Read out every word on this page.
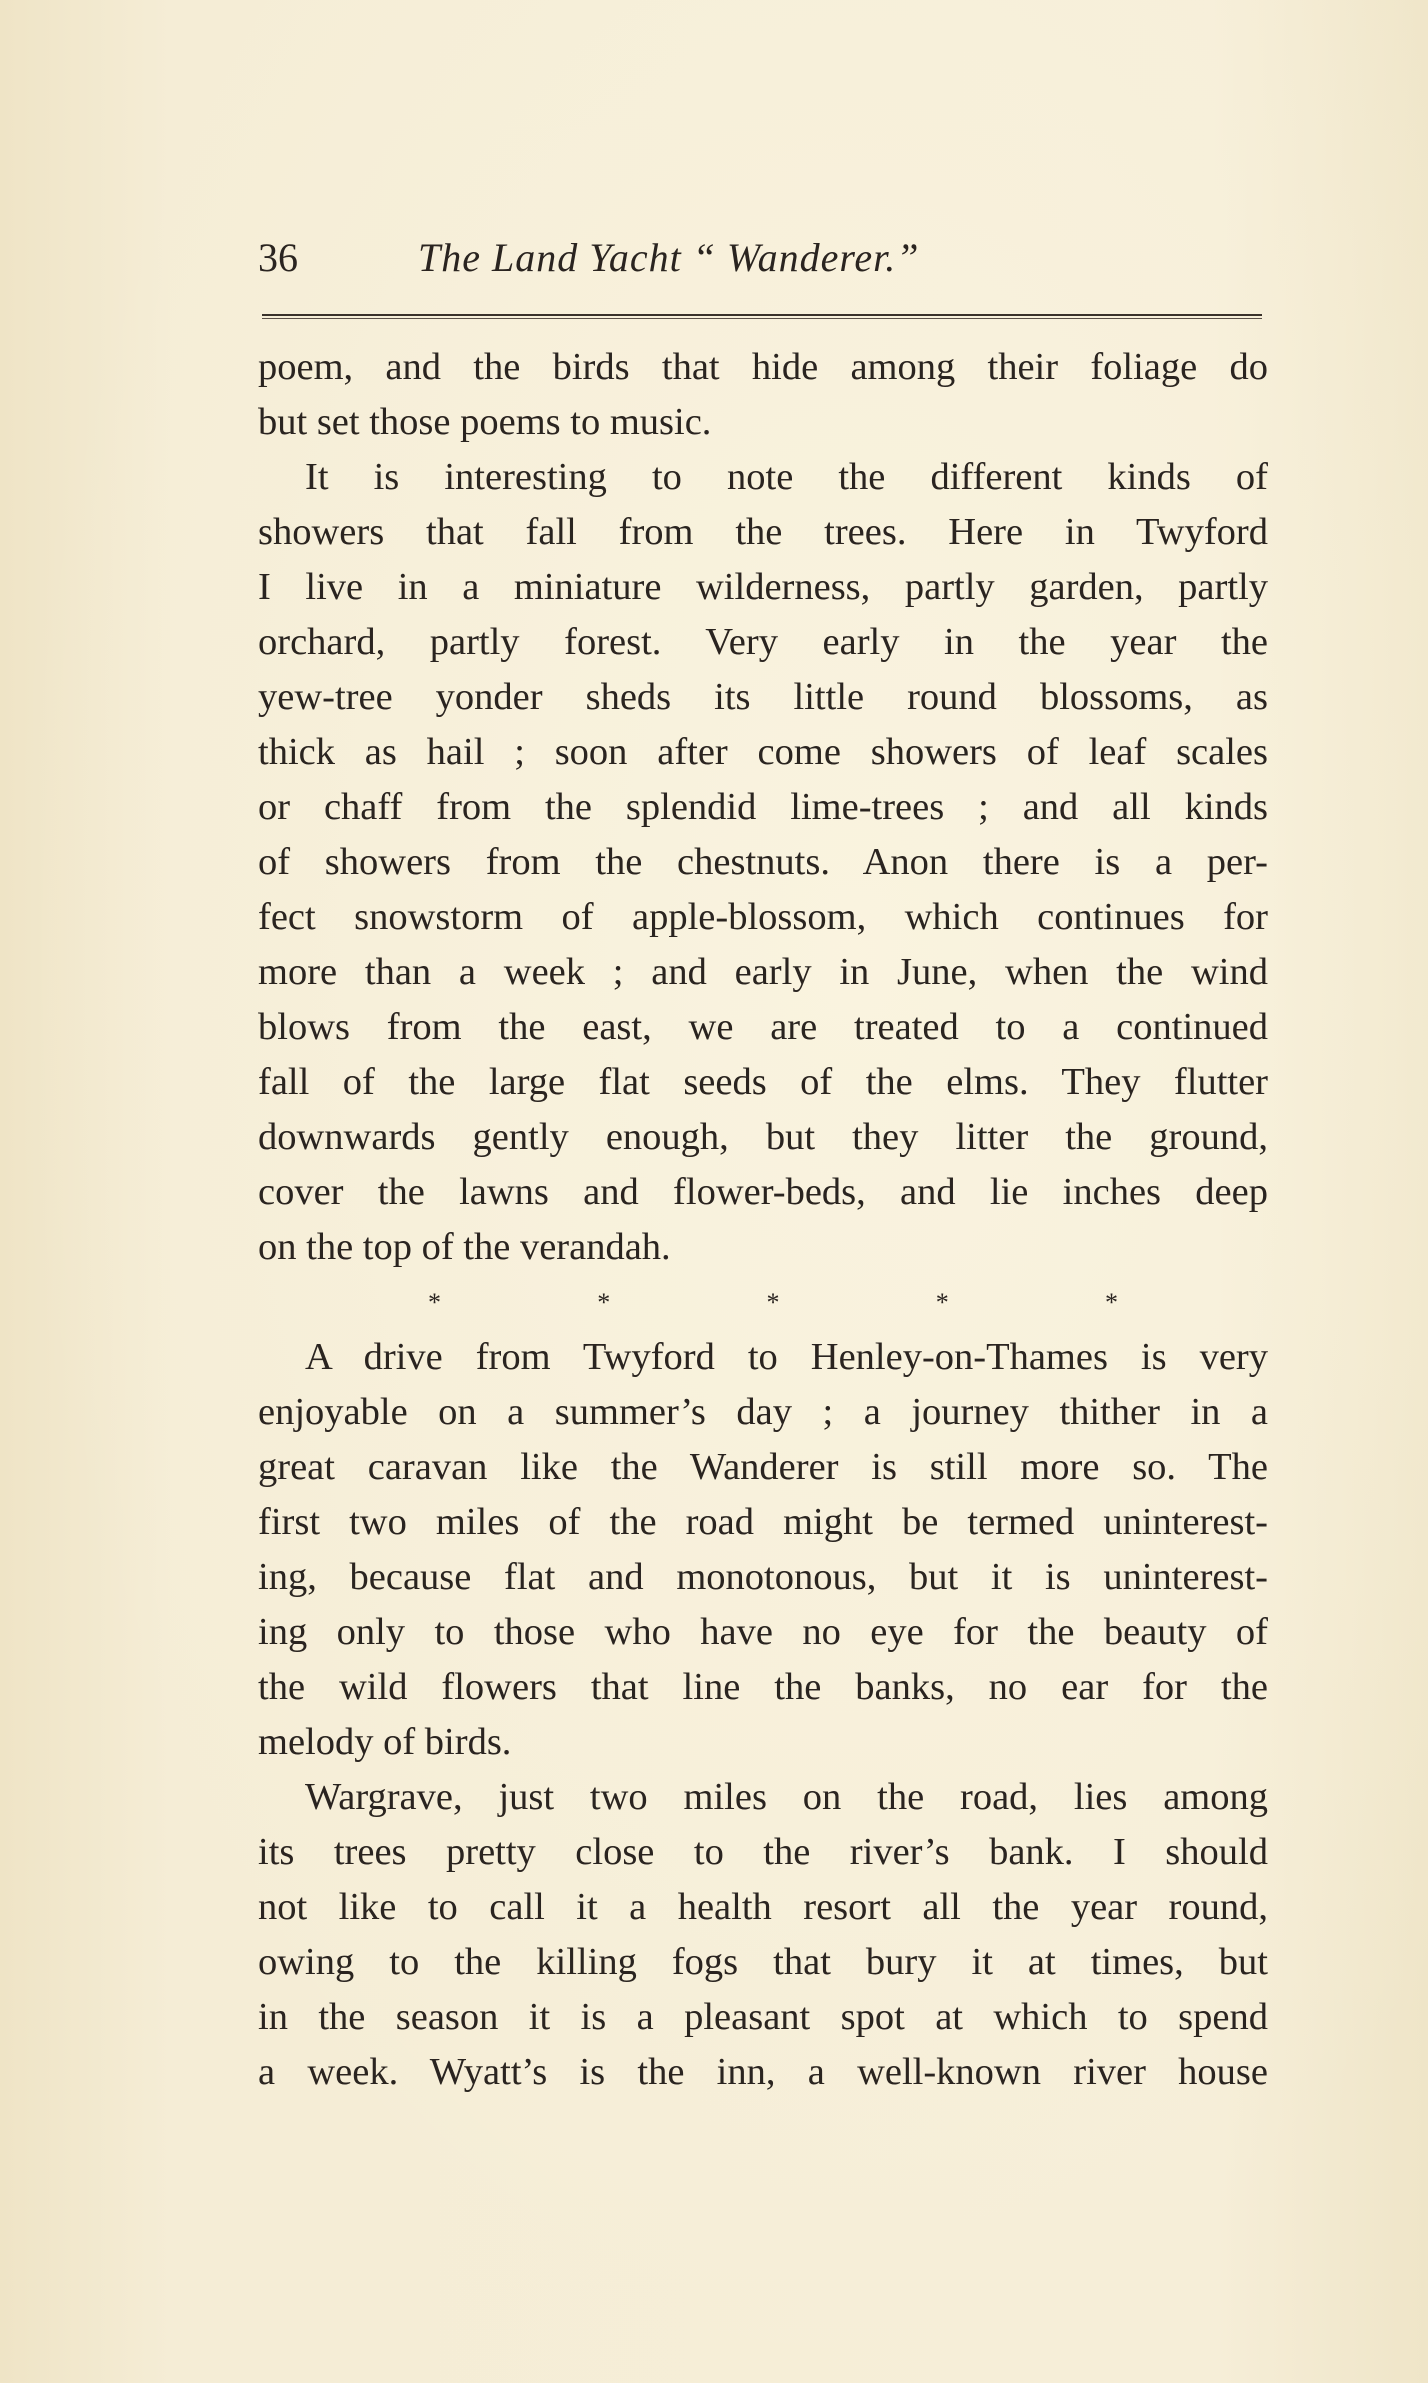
36	The Land Yacht “ Wanderer.”
poem, and the birds that hide among their foliage do
but set those poems to music.
It is interesting to note the different kinds of
showers that fall from the trees. Here in Twyford
I live in a miniature wilderness, partly garden, partly
orchard, partly forest. Very early in the year the
yew-tree yonder sheds its little round blossoms, as
thick as hail ; soon after come showers of leaf scales
or chaff from the splendid lime-trees ; and all kinds
of showers from the chestnuts. Anon there is a per-
fect snowstorm of apple-blossom, which continues for
more than a week ; and early in June, when the wind
blows from the east, we are treated to a continued
fall of the large flat seeds of the elms. They flutter
downwards gently enough, but they litter the ground,
cover the lawns and flower-beds, and lie inches deep
on the top of the verandah.
*	*	*	*	*
A drive from Twyford to Henley-on-Thames is very
enjoyable on a summer’s day ; a journey thither in a
great caravan like the Wanderer is still more so. The
first two miles of the road might be termed uninterest-
ing, because flat and monotonous, but it is uninterest-
ing only to those who have no eye for the beauty of
the wild flowers that line the banks, no ear for the
melody of birds.
Wargrave, just two miles on the road, lies among
its trees pretty close to the river’s bank. I should
not like to call it a health resort all the year round,
owing to the killing fogs that bury it at times, but
in the season it is a pleasant spot at which to spend
a week. Wyatt’s is the inn, a well-known river house
